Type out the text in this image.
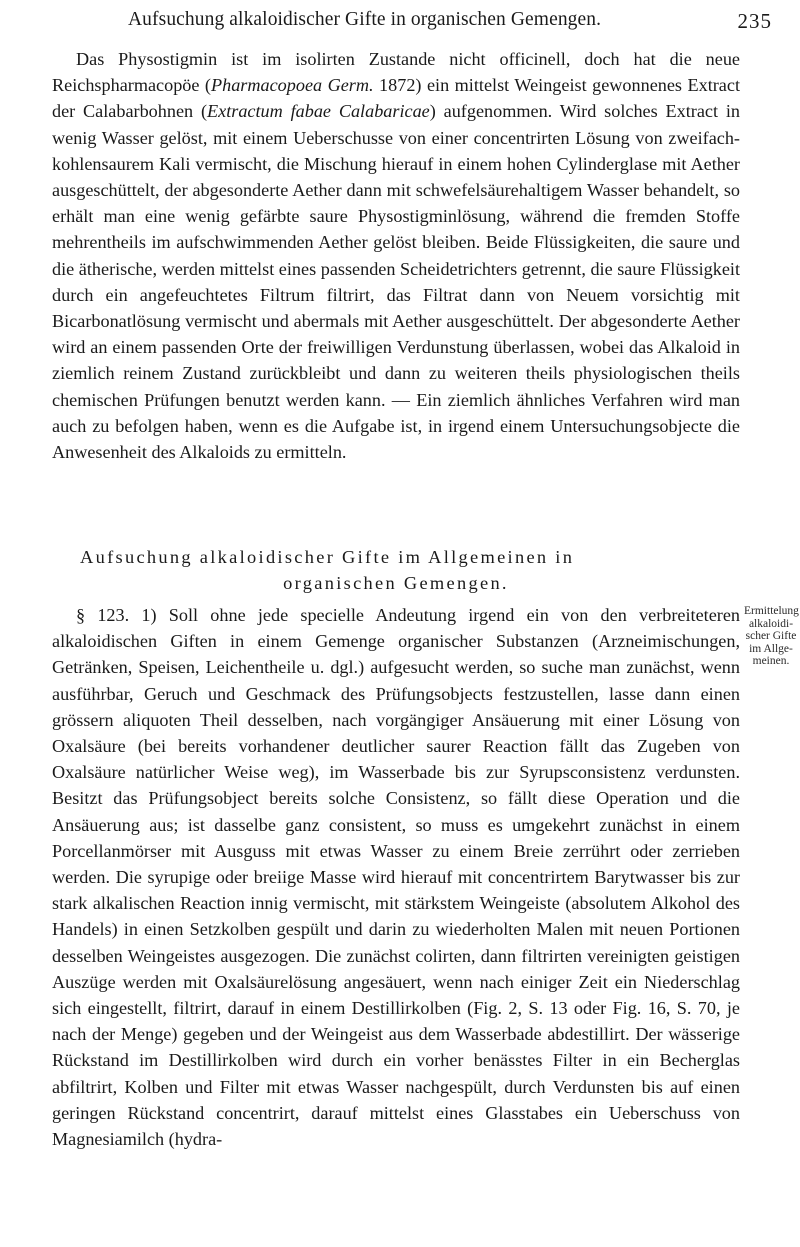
Aufsuchung alkaloidischer Gifte in organischen Gemengen.	235

Das Physostigmin ist im isolirten Zustande nicht officinell, doch hat die neue Reichspharmacopöe (Pharmacopoea Germ. 1872) ein mittelst Weingeist gewonnenes Extract der Calabarbohnen (Extractum fabae Calabaricae) aufgenommen. Wird solches Extract in wenig Wasser gelöst, mit einem Ueberschusse von einer concentrirten Lösung von zweifach-kohlensaurem Kali vermischt, die Mischung hierauf in einem hohen Cylinderglase mit Aether ausgeschüttelt, der abgesonderte Aether dann mit schwefelsäurehaltigem Wasser behandelt, so erhält man eine wenig gefärbte saure Physostigminlösung, während die fremden Stoffe mehrentheils im aufschwimmenden Aether gelöst bleiben. Beide Flüssigkeiten, die saure und die ätherische, werden mittelst eines passenden Scheidetrichters getrennt, die saure Flüssigkeit durch ein angefeuchtetes Filtrum filtrirt, das Filtrat dann von Neuem vorsichtig mit Bicarbonatlösung vermischt und abermals mit Aether ausgeschüttelt. Der abgesonderte Aether wird an einem passenden Orte der freiwilligen Verdunstung überlassen, wobei das Alkaloid in ziemlich reinem Zustand zurückbleibt und dann zu weiteren theils physiologischen theils chemischen Prüfungen benutzt werden kann. — Ein ziemlich ähnliches Verfahren wird man auch zu befolgen haben, wenn es die Aufgabe ist, in irgend einem Untersuchungsobjecte die Anwesenheit des Alkaloids zu ermitteln.

Aufsuchung alkaloidischer Gifte im Allgemeinen in
organischen Gemengen.
Ermittelung
alkaloidi-
scher Gifte
im Allge-
meinen.

§ 123. 1) Soll ohne jede specielle Andeutung irgend ein von den verbreiteteren alkaloidischen Giften in einem Gemenge organischer Substanzen (Arzneimischungen, Getränken, Speisen, Leichentheile u. dgl.) aufgesucht werden, so suche man zunächst, wenn ausführbar, Geruch und Geschmack des Prüfungsobjects festzustellen, lasse dann einen grössern aliquoten Theil desselben, nach vorgängiger Ansäuerung mit einer Lösung von Oxalsäure (bei bereits vorhandener deutlicher saurer Reaction fällt das Zugeben von Oxalsäure natürlicher Weise weg), im Wasserbade bis zur Syrupsconsistenz verdunsten. Besitzt das Prüfungsobject bereits solche Consistenz, so fällt diese Operation und die Ansäuerung aus; ist dasselbe ganz consistent, so muss es umgekehrt zunächst in einem Porcellanmörser mit Ausguss mit etwas Wasser zu einem Breie zerrührt oder zerrieben werden. Die syrupige oder breiige Masse wird hierauf mit concentrirtem Barytwasser bis zur stark alkalischen Reaction innig vermischt, mit stärkstem Weingeiste (absolutem Alkohol des Handels) in einen Setzkolben gespült und darin zu wiederholten Malen mit neuen Portionen desselben Weingeistes ausgezogen. Die zunächst colirten, dann filtrirten vereinigten geistigen Auszüge werden mit Oxalsäurelösung angesäuert, wenn nach einiger Zeit ein Niederschlag sich eingestellt, filtrirt, darauf in einem Destillirkolben (Fig. 2, S. 13 oder Fig. 16, S. 70, je nach der Menge) gegeben und der Weingeist aus dem Wasserbade abdestillirt. Der wässerige Rückstand im Destillirkolben wird durch ein vorher benässtes Filter in ein Becherglas abfiltrirt, Kolben und Filter mit etwas Wasser nachgespült, durch Verdunsten bis auf einen geringen Rückstand concentrirt, darauf mittelst eines Glasstabes ein Ueberschuss von Magnesiamilch (hydra-
